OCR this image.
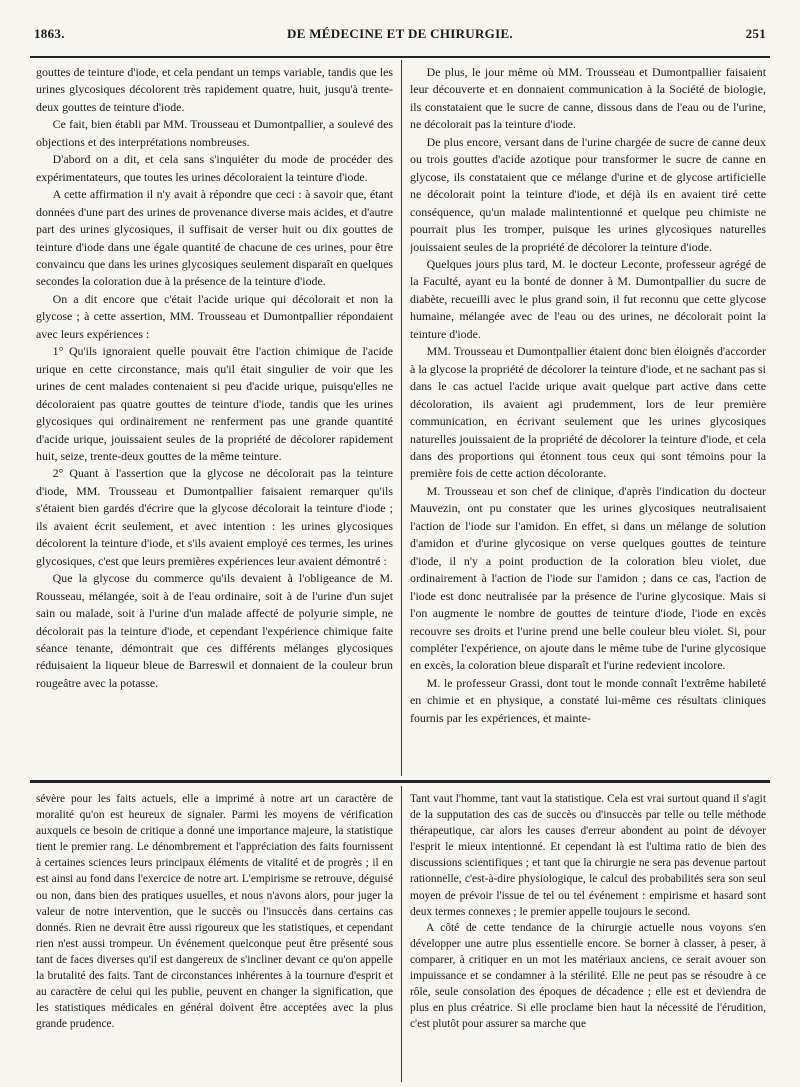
1863.	DE MÉDECINE ET DE CHIRURGIE.	251

gouttes de teinture d'iode, et cela pendant un temps variable, tandis que les urines glycosiques décolorent très rapidement quatre, huit, jusqu'à trente-deux gouttes de teinture d'iode.

Ce fait, bien établi par MM. Trousseau et Dumontpallier, a soulevé des objections et des interprétations nombreuses.

D'abord on a dit, et cela sans s'inquiéter du mode de procéder des expérimentateurs, que toutes les urines décoloraient la teinture d'iode.

A cette affirmation il n'y avait à répondre que ceci : à savoir que, étant données d'une part des urines de provenance diverse mais acides, et d'autre part des urines glycosiques, il suffisait de verser huit ou dix gouttes de teinture d'iode dans une égale quantité de chacune de ces urines, pour être convaincu que dans les urines glycosiques seulement disparaît en quelques secondes la coloration due à la présence de la teinture d'iode.

On a dit encore que c'était l'acide urique qui décolorait et non la glycose ; à cette assertion, MM. Trousseau et Dumontpallier répondaient avec leurs expériences :

1° Qu'ils ignoraient quelle pouvait être l'action chimique de l'acide urique en cette circonstance, mais qu'il était singulier de voir que les urines de cent malades contenaient si peu d'acide urique, puisqu'elles ne décoloraient pas quatre gouttes de teinture d'iode, tandis que les urines glycosiques qui ordinairement ne renferment pas une grande quantité d'acide urique, jouissaient seules de la propriété de décolorer rapidement huit, seize, trente-deux gouttes de la même teinture.

2° Quant à l'assertion que la glycose ne décolorait pas la teinture d'iode, MM. Trousseau et Dumontpallier faisaient remarquer qu'ils s'étaient bien gardés d'écrire que la glycose décolorait la teinture d'iode ; ils avaient écrit seulement, et avec intention : les urines glycosiques décolorent la teinture d'iode, et s'ils avaient employé ces termes, les urines glycosiques, c'est que leurs premières expériences leur avaient démontré :

Que la glycose du commerce qu'ils devaient à l'obligeance de M. Rousseau, mélangée, soit à de l'eau ordinaire, soit à de l'urine d'un sujet sain ou malade, soit à l'urine d'un malade affecté de polyurie simple, ne décolorait pas la teinture d'iode, et cependant l'expérience chimique faite séance tenante, démontrait que ces différents mélanges glycosiques réduisaient la liqueur bleue de Barreswil et donnaient de la couleur brun rougeâtre avec la potasse.

De plus, le jour même où MM. Trousseau et Dumontpallier faisaient leur découverte et en donnaient communication à la Société de biologie, ils constataient que le sucre de canne, dissous dans de l'eau ou de l'urine, ne décolorait pas la teinture d'iode.

De plus encore, versant dans de l'urine chargée de sucre de canne deux ou trois gouttes d'acide azotique pour transformer le sucre de canne en glycose, ils constataient que ce mélange d'urine et de glycose artificielle ne décolorait point la teinture d'iode, et déjà ils en avaient tiré cette conséquence, qu'un malade malintentionné et quelque peu chimiste ne pourrait plus les tromper, puisque les urines glycosiques naturelles jouissaient seules de la propriété de décolorer la teinture d'iode.

Quelques jours plus tard, M. le docteur Leconte, professeur agrégé de la Faculté, ayant eu la bonté de donner à M. Dumontpallier du sucre de diabète, recueilli avec le plus grand soin, il fut reconnu que cette glycose humaine, mélangée avec de l'eau ou des urines, ne décolorait point la teinture d'iode.

MM. Trousseau et Dumontpallier étaient donc bien éloignés d'accorder à la glycose la propriété de décolorer la teinture d'iode, et ne sachant pas si dans le cas actuel l'acide urique avait quelque part active dans cette décoloration, ils avaient agi prudemment, lors de leur première communication, en écrivant seulement que les urines glycosiques naturelles jouissaient de la propriété de décolorer la teinture d'iode, et cela dans des proportions qui étonnent tous ceux qui sont témoins pour la première fois de cette action décolorante.

M. Trousseau et son chef de clinique, d'après l'indication du docteur Mauvezin, ont pu constater que les urines glycosiques neutralisaient l'action de l'iode sur l'amidon. En effet, si dans un mélange de solution d'amidon et d'urine glycosique on verse quelques gouttes de teinture d'iode, il n'y a point production de la coloration bleu violet, due ordinairement à l'action de l'iode sur l'amidon ; dans ce cas, l'action de l'iode est donc neutralisée par la présence de l'urine glycosique. Mais si l'on augmente le nombre de gouttes de teinture d'iode, l'iode en excès recouvre ses droits et l'urine prend une belle couleur bleu violet. Si, pour compléter l'expérience, on ajoute dans le même tube de l'urine glycosique en excès, la coloration bleue disparaît et l'urine redevient incolore.

M. le professeur Grassi, dont tout le monde connaît l'extrême habileté en chimie et en physique, a constaté lui-même ces résultats cliniques fournis par les expériences, et mainte-

sévère pour les faits actuels, elle a imprimé à notre art un caractère de moralité qu'on est heureux de signaler. Parmi les moyens de vérification auxquels ce besoin de critique a donné une importance majeure, la statistique tient le premier rang. Le dénombrement et l'appréciation des faits fournissent à certaines sciences leurs principaux éléments de vitalité et de progrès ; il en est ainsi au fond dans l'exercice de notre art. L'empirisme se retrouve, déguisé ou non, dans bien des pratiques usuelles, et nous n'avons alors, pour juger la valeur de notre intervention, que le succès ou l'insuccès dans certains cas donnés. Rien ne devrait être aussi rigoureux que les statistiques, et cependant rien n'est aussi trompeur. Un événement quelconque peut être présenté sous tant de faces diverses qu'il est dangereux de s'incliner devant ce qu'on appelle la brutalité des faits. Tant de circonstances inhérentes à la tournure d'esprit et au caractère de celui qui les publie, peuvent en changer la signification, que les statistiques médicales en général doivent être acceptées avec la plus grande prudence.

Tant vaut l'homme, tant vaut la statistique. Cela est vrai surtout quand il s'agit de la supputation des cas de succès ou d'insuccès par telle ou telle méthode thérapeutique, car alors les causes d'erreur abondent au point de dévoyer l'esprit le mieux intentionné. Et cependant là est l'ultima ratio de bien des discussions scientifiques ; et tant que la chirurgie ne sera pas devenue partout rationnelle, c'est-à-dire physiologique, le calcul des probabilités sera son seul moyen de prévoir l'issue de tel ou tel événement : empirisme et hasard sont deux termes connexes ; le premier appelle toujours le second.

A côté de cette tendance de la chirurgie actuelle nous voyons s'en développer une autre plus essentielle encore. Se borner à classer, à peser, à comparer, à critiquer en un mot les matériaux anciens, ce serait avouer son impuissance et se condamner à la stérilité. Elle ne peut pas se résoudre à ce rôle, seule consolation des époques de décadence ; elle est et deviendra de plus en plus créatrice. Si elle proclame bien haut la nécessité de l'érudition, c'est plutôt pour assurer sa marche que
